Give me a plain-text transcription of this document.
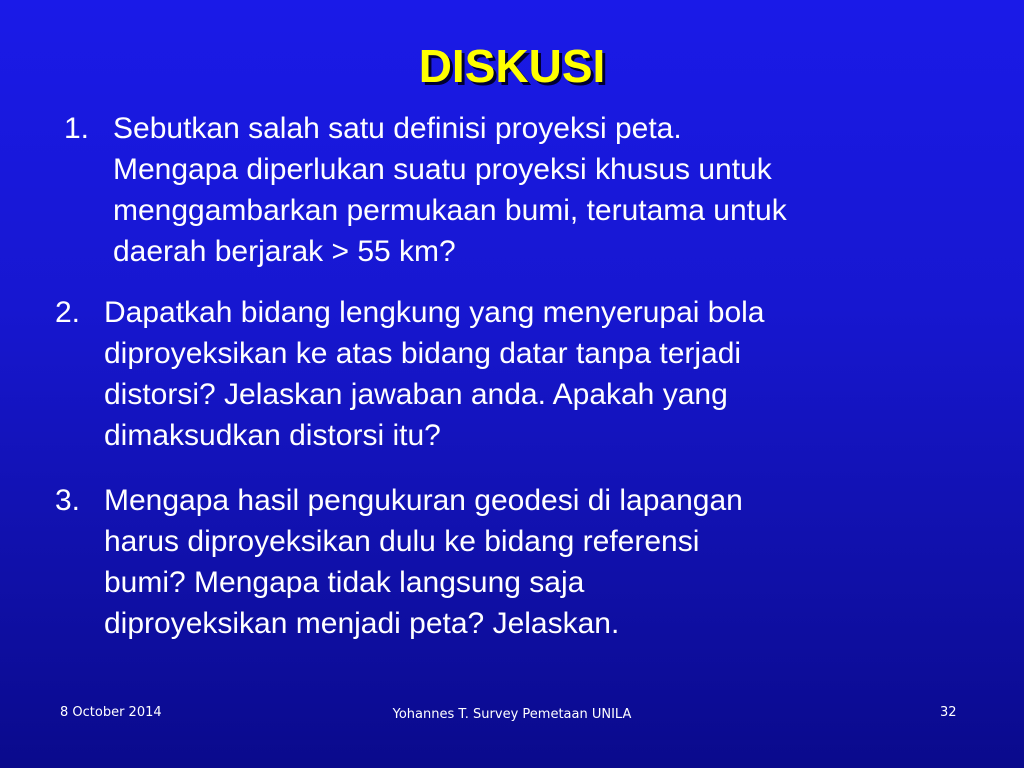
DISKUSI
1. Sebutkan salah satu definisi proyeksi peta.
Mengapa diperlukan suatu proyeksi khusus untuk
menggambarkan permukaan bumi, terutama untuk
daerah berjarak > 55 km?
2. Dapatkah bidang lengkung yang menyerupai bola
diproyeksikan ke atas bidang datar tanpa terjadi
distorsi? Jelaskan jawaban anda. Apakah yang
dimaksudkan distorsi itu?
3. Mengapa hasil pengukuran geodesi di lapangan
harus diproyeksikan dulu ke bidang referensi
bumi? Mengapa tidak langsung saja
diproyeksikan menjadi peta? Jelaskan.
8 October 2014	Yohannes T. Survey Pemetaan UNILA	32
